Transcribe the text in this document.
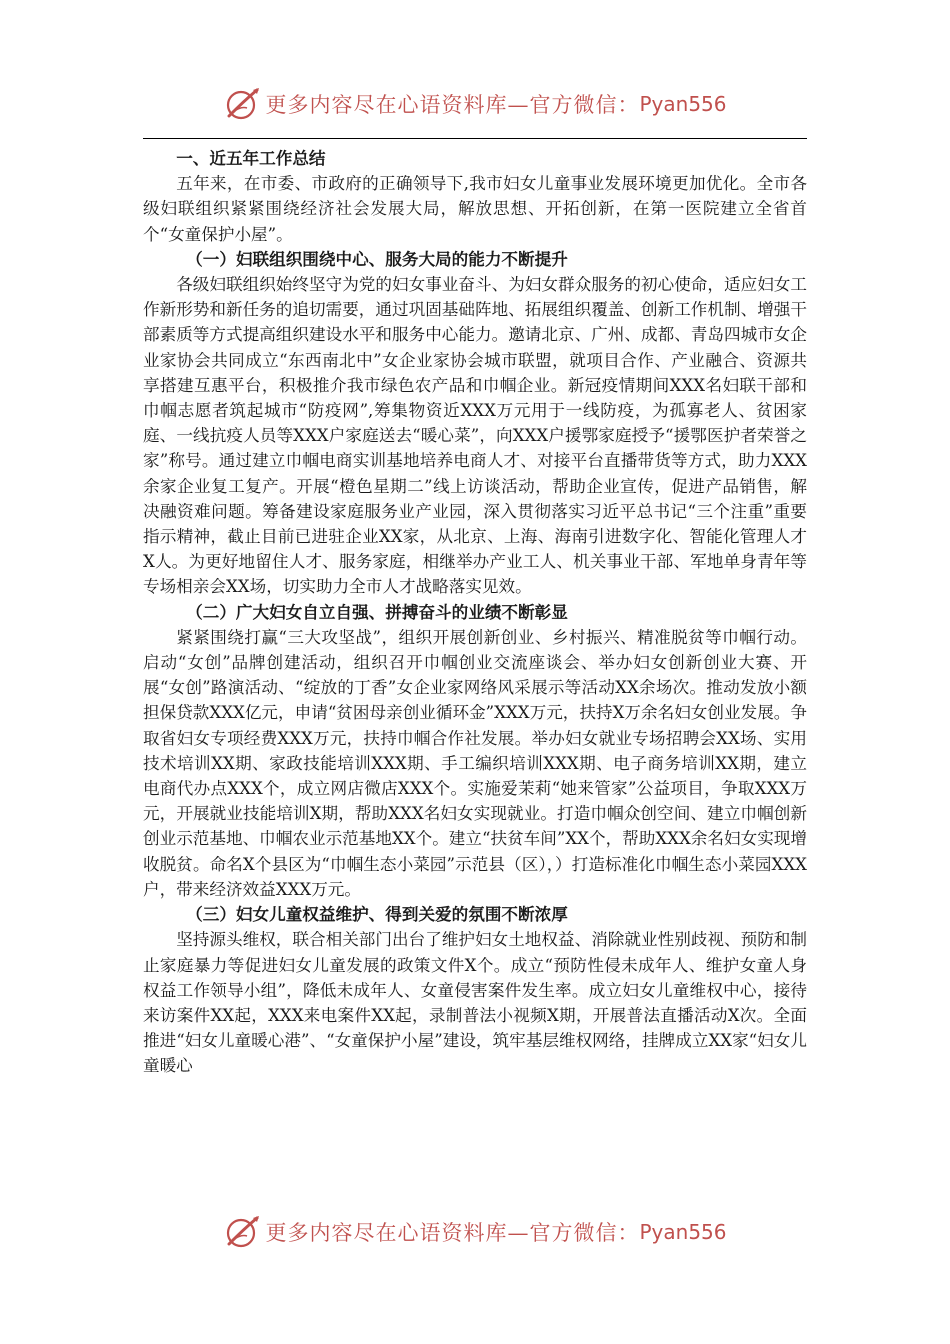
更多内容尽在心语资料库—官方微信： Pyan556
一、近五年工作总结

五年来，在市委、市政府的正确领导下,我市妇女儿童事业发展环境更加优化。全市各级妇联组织紧紧围绕经济社会发展大局，解放思想、开拓创新，在第一医院建立全省首个“女童保护小屋”。

（一）妇联组织围绕中心、服务大局的能力不断提升

各级妇联组织始终坚守为党的妇女事业奋斗、为妇女群众服务的初心使命，适应妇女工作新形势和新任务的追切需要，通过巩固基础阵地、拓展组织覆盖、创新工作机制、增强干部素质等方式提高组织建设水平和服务中心能力。邀请北京、广州、成都、青岛四城市女企业家协会共同成立“东西南北中”女企业家协会城市联盟，就项目合作、产业融合、资源共享搭建互惠平台，积极推介我市绿色农产品和巾帼企业。新冠疫情期间XXX名妇联干部和巾帼志愿者筑起城市“防疫网”,筹集物资近XXX万元用于一线防疫，为孤寡老人、贫困家庭、一线抗疫人员等XXX户家庭送去“暖心菜”，向XXX户援鄂家庭授予“援鄂医护者荣誉之家”称号。通过建立巾帼电商实训基地培养电商人才、对接平台直播带货等方式，助力XXX余家企业复工复产。开展“橙色星期二”线上访谈活动，帮助企业宣传，促进产品销售，解决融资难问题。筹备建设家庭服务业产业园，深入贯彻落实习近平总书记“三个注重”重要指示精神，截止目前已进驻企业XX家，从北京、上海、海南引进数字化、智能化管理人才X人。为更好地留住人才、服务家庭，相继举办产业工人、机关事业干部、军地单身青年等专场相亲会XX场，切实助力全市人才战略落实见效。

（二）广大妇女自立自强、拼搏奋斗的业绩不断彰显

紧紧围绕打赢“三大攻坚战”，组织开展创新创业、乡村振兴、精准脱贫等巾帼行动。启动“女创”品牌创建活动，组织召开巾帼创业交流座谈会、举办妇女创新创业大赛、开展“女创”路演活动、“绽放的丁香”女企业家网络风采展示等活动XX余场次。推动发放小额担保贷款XXX亿元，申请“贫困母亲创业循环金”XXX万元，扶持X万余名妇女创业发展。争取省妇女专项经费XXX万元，扶持巾帼合作社发展。举办妇女就业专场招聘会XX场、实用技术培训XX期、家政技能培训XXX期、手工编织培训XXX期、电子商务培训XX期，建立电商代办点XXX个，成立网店微店XXX个。实施爱茉莉“她来管家”公益项目，争取XXX万元，开展就业技能培训X期，帮助XXX名妇女实现就业。打造巾帼众创空间、建立巾帼创新创业示范基地、巾帼农业示范基地XX个。建立“扶贫车间”XX个，帮助XXX余名妇女实现增收脱贫。命名X个县区为“巾帼生态小菜园”示范县（区），）打造标准化巾帼生态小菜园XXX户，带来经济效益XXX万元。

（三）妇女儿童权益维护、得到关爱的氛围不断浓厚

坚持源头维权，联合相关部门出台了维护妇女土地权益、消除就业性别歧视、预防和制止家庭暴力等促进妇女儿童发展的政策文件X个。成立“预防性侵未成年人、维护女童人身权益工作领导小组”，降低未成年人、女童侵害案件发生率。成立妇女儿童维权中心，接待来访案件XX起，XXX来电案件XX起，录制普法小视频X期，开展普法直播活动X次。全面推进“妇女儿童暖心港”、“女童保护小屋”建设，筑牢基层维权网络，挂牌成立XX家“妇女儿童暖心

更多内容尽在心语资料库—官方微信： Pyan556
